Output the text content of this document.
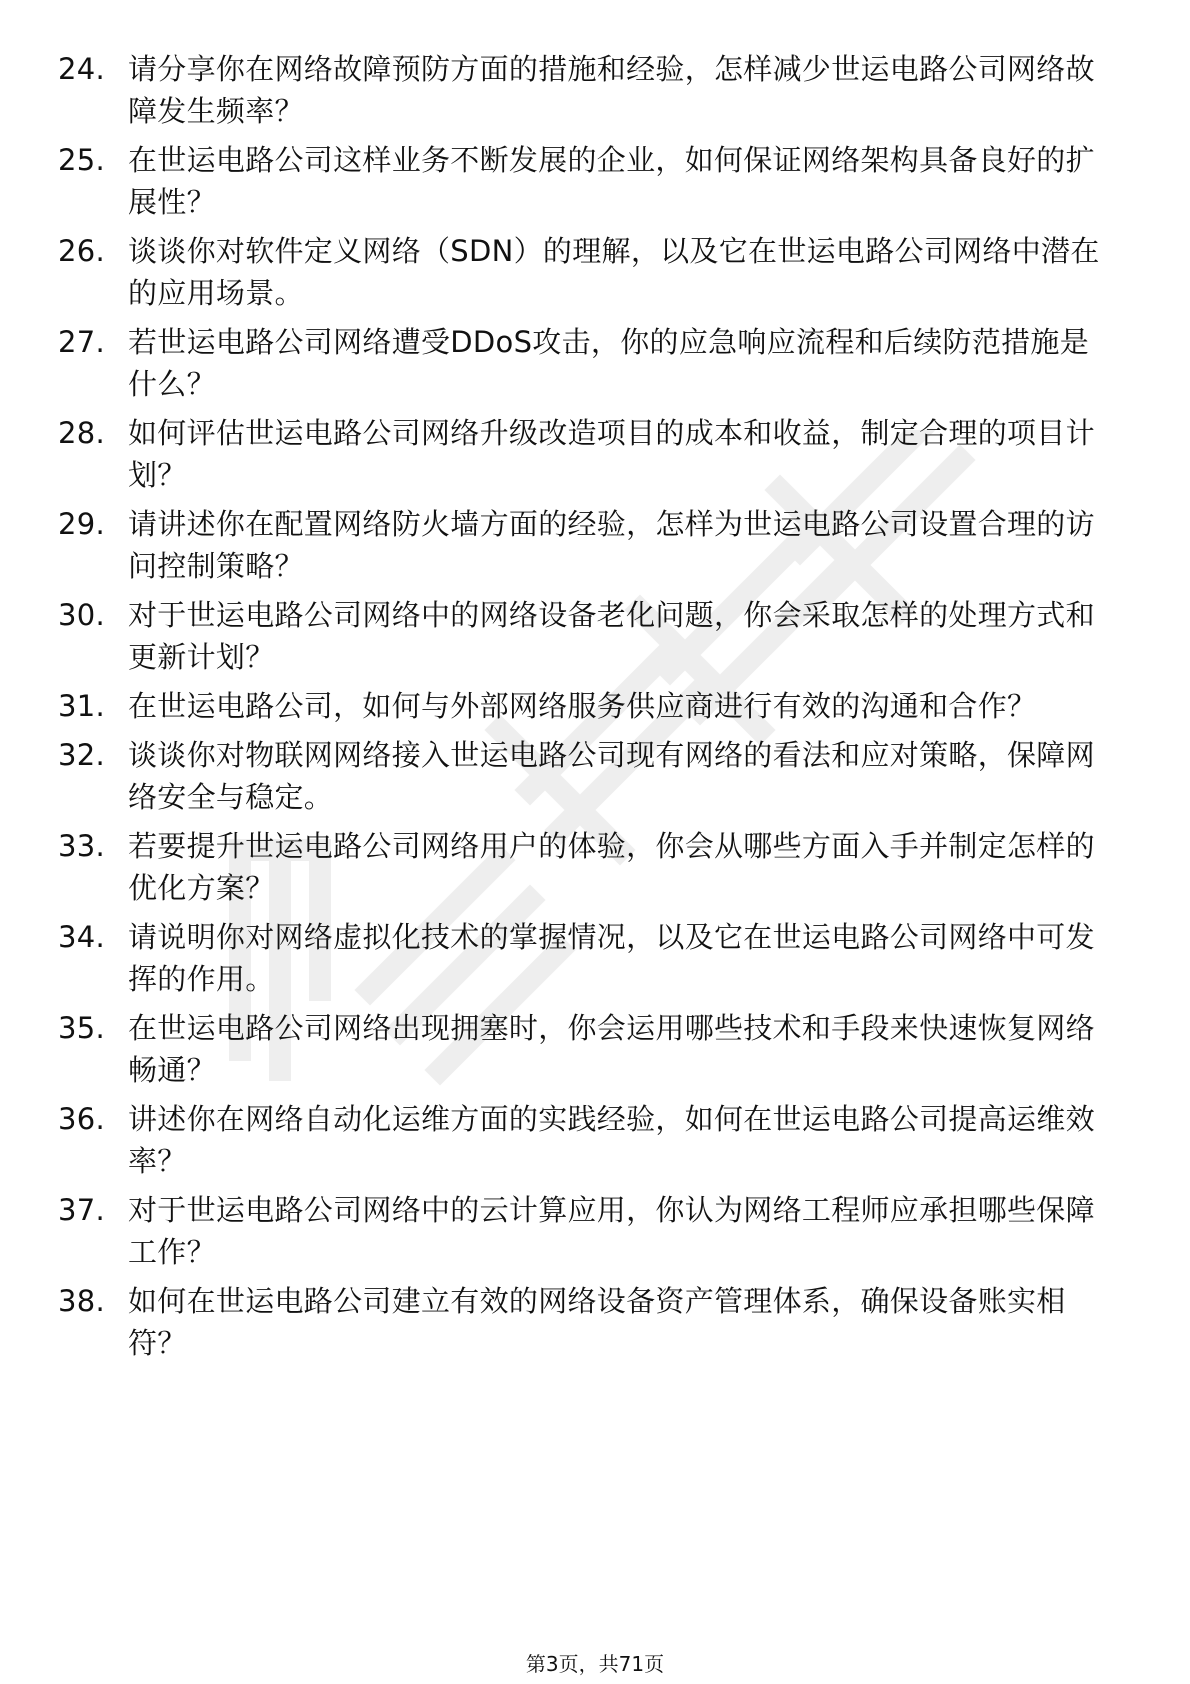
24. 请分享你在网络故障预防方面的措施和经验，怎样减少世运电路公司网络故障发生频率？
25. 在世运电路公司这样业务不断发展的企业，如何保证网络架构具备良好的扩展性？
26. 谈谈你对软件定义网络（SDN）的理解，以及它在世运电路公司网络中潜在的应用场景。
27. 若世运电路公司网络遭受DDoS攻击，你的应急响应流程和后续防范措施是什么？
28. 如何评估世运电路公司网络升级改造项目的成本和收益，制定合理的项目计划？
29. 请讲述你在配置网络防火墙方面的经验，怎样为世运电路公司设置合理的访问控制策略？
30. 对于世运电路公司网络中的网络设备老化问题，你会采取怎样的处理方式和更新计划？
31. 在世运电路公司，如何与外部网络服务供应商进行有效的沟通和合作？
32. 谈谈你对物联网网络接入世运电路公司现有网络的看法和应对策略，保障网络安全与稳定。
33. 若要提升世运电路公司网络用户的体验，你会从哪些方面入手并制定怎样的优化方案？
34. 请说明你对网络虚拟化技术的掌握情况，以及它在世运电路公司网络中可发挥的作用。
35. 在世运电路公司网络出现拥塞时，你会运用哪些技术和手段来快速恢复网络畅通？
36. 讲述你在网络自动化运维方面的实践经验，如何在世运电路公司提高运维效率？
37. 对于世运电路公司网络中的云计算应用，你认为网络工程师应承担哪些保障工作？
38. 如何在世运电路公司建立有效的网络设备资产管理体系，确保设备账实相符？
第3页，共71页
